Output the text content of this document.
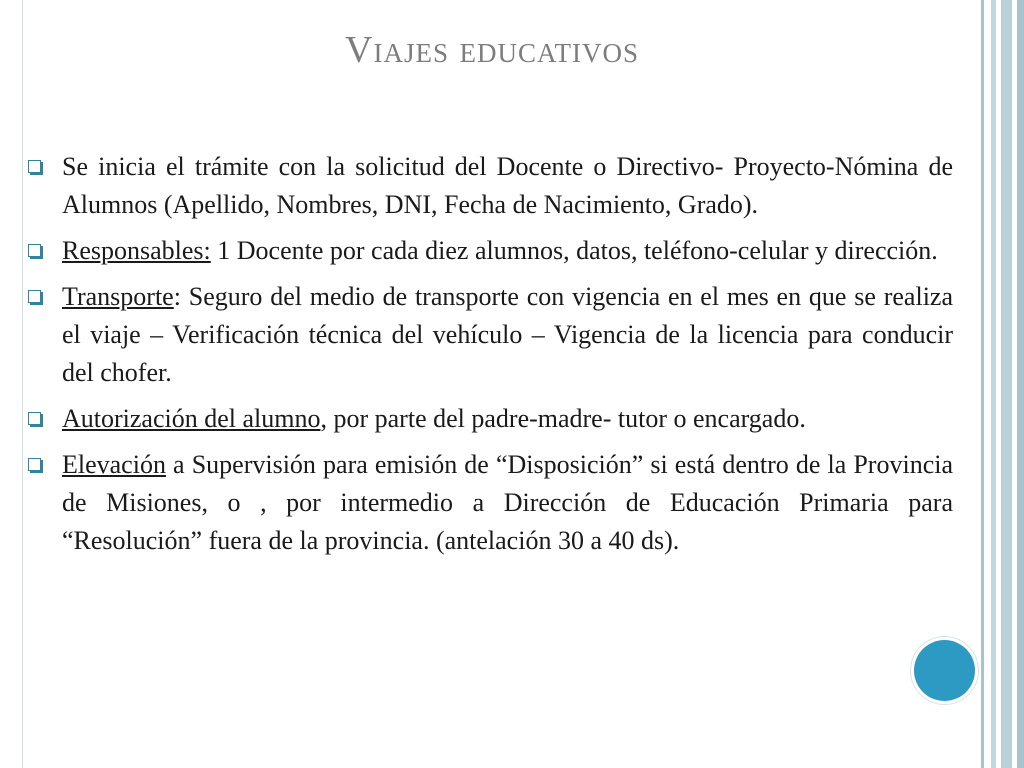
Viajes educativos
Se inicia el trámite con la solicitud del Docente o Directivo- Proyecto-Nómina de Alumnos (Apellido, Nombres, DNI, Fecha de Nacimiento, Grado).
Responsables: 1 Docente por cada diez alumnos, datos, teléfono-celular y dirección.
Transporte: Seguro del medio de transporte con vigencia en el mes en que se realiza el viaje – Verificación técnica del vehículo – Vigencia de la licencia para conducir del chofer.
Autorización del alumno, por parte del padre-madre- tutor o encargado.
Elevación a Supervisión para emisión de “Disposición” si está dentro de la Provincia de Misiones, o , por intermedio a Dirección de Educación Primaria para “Resolución” fuera de la provincia. (antelación 30 a 40 ds).
